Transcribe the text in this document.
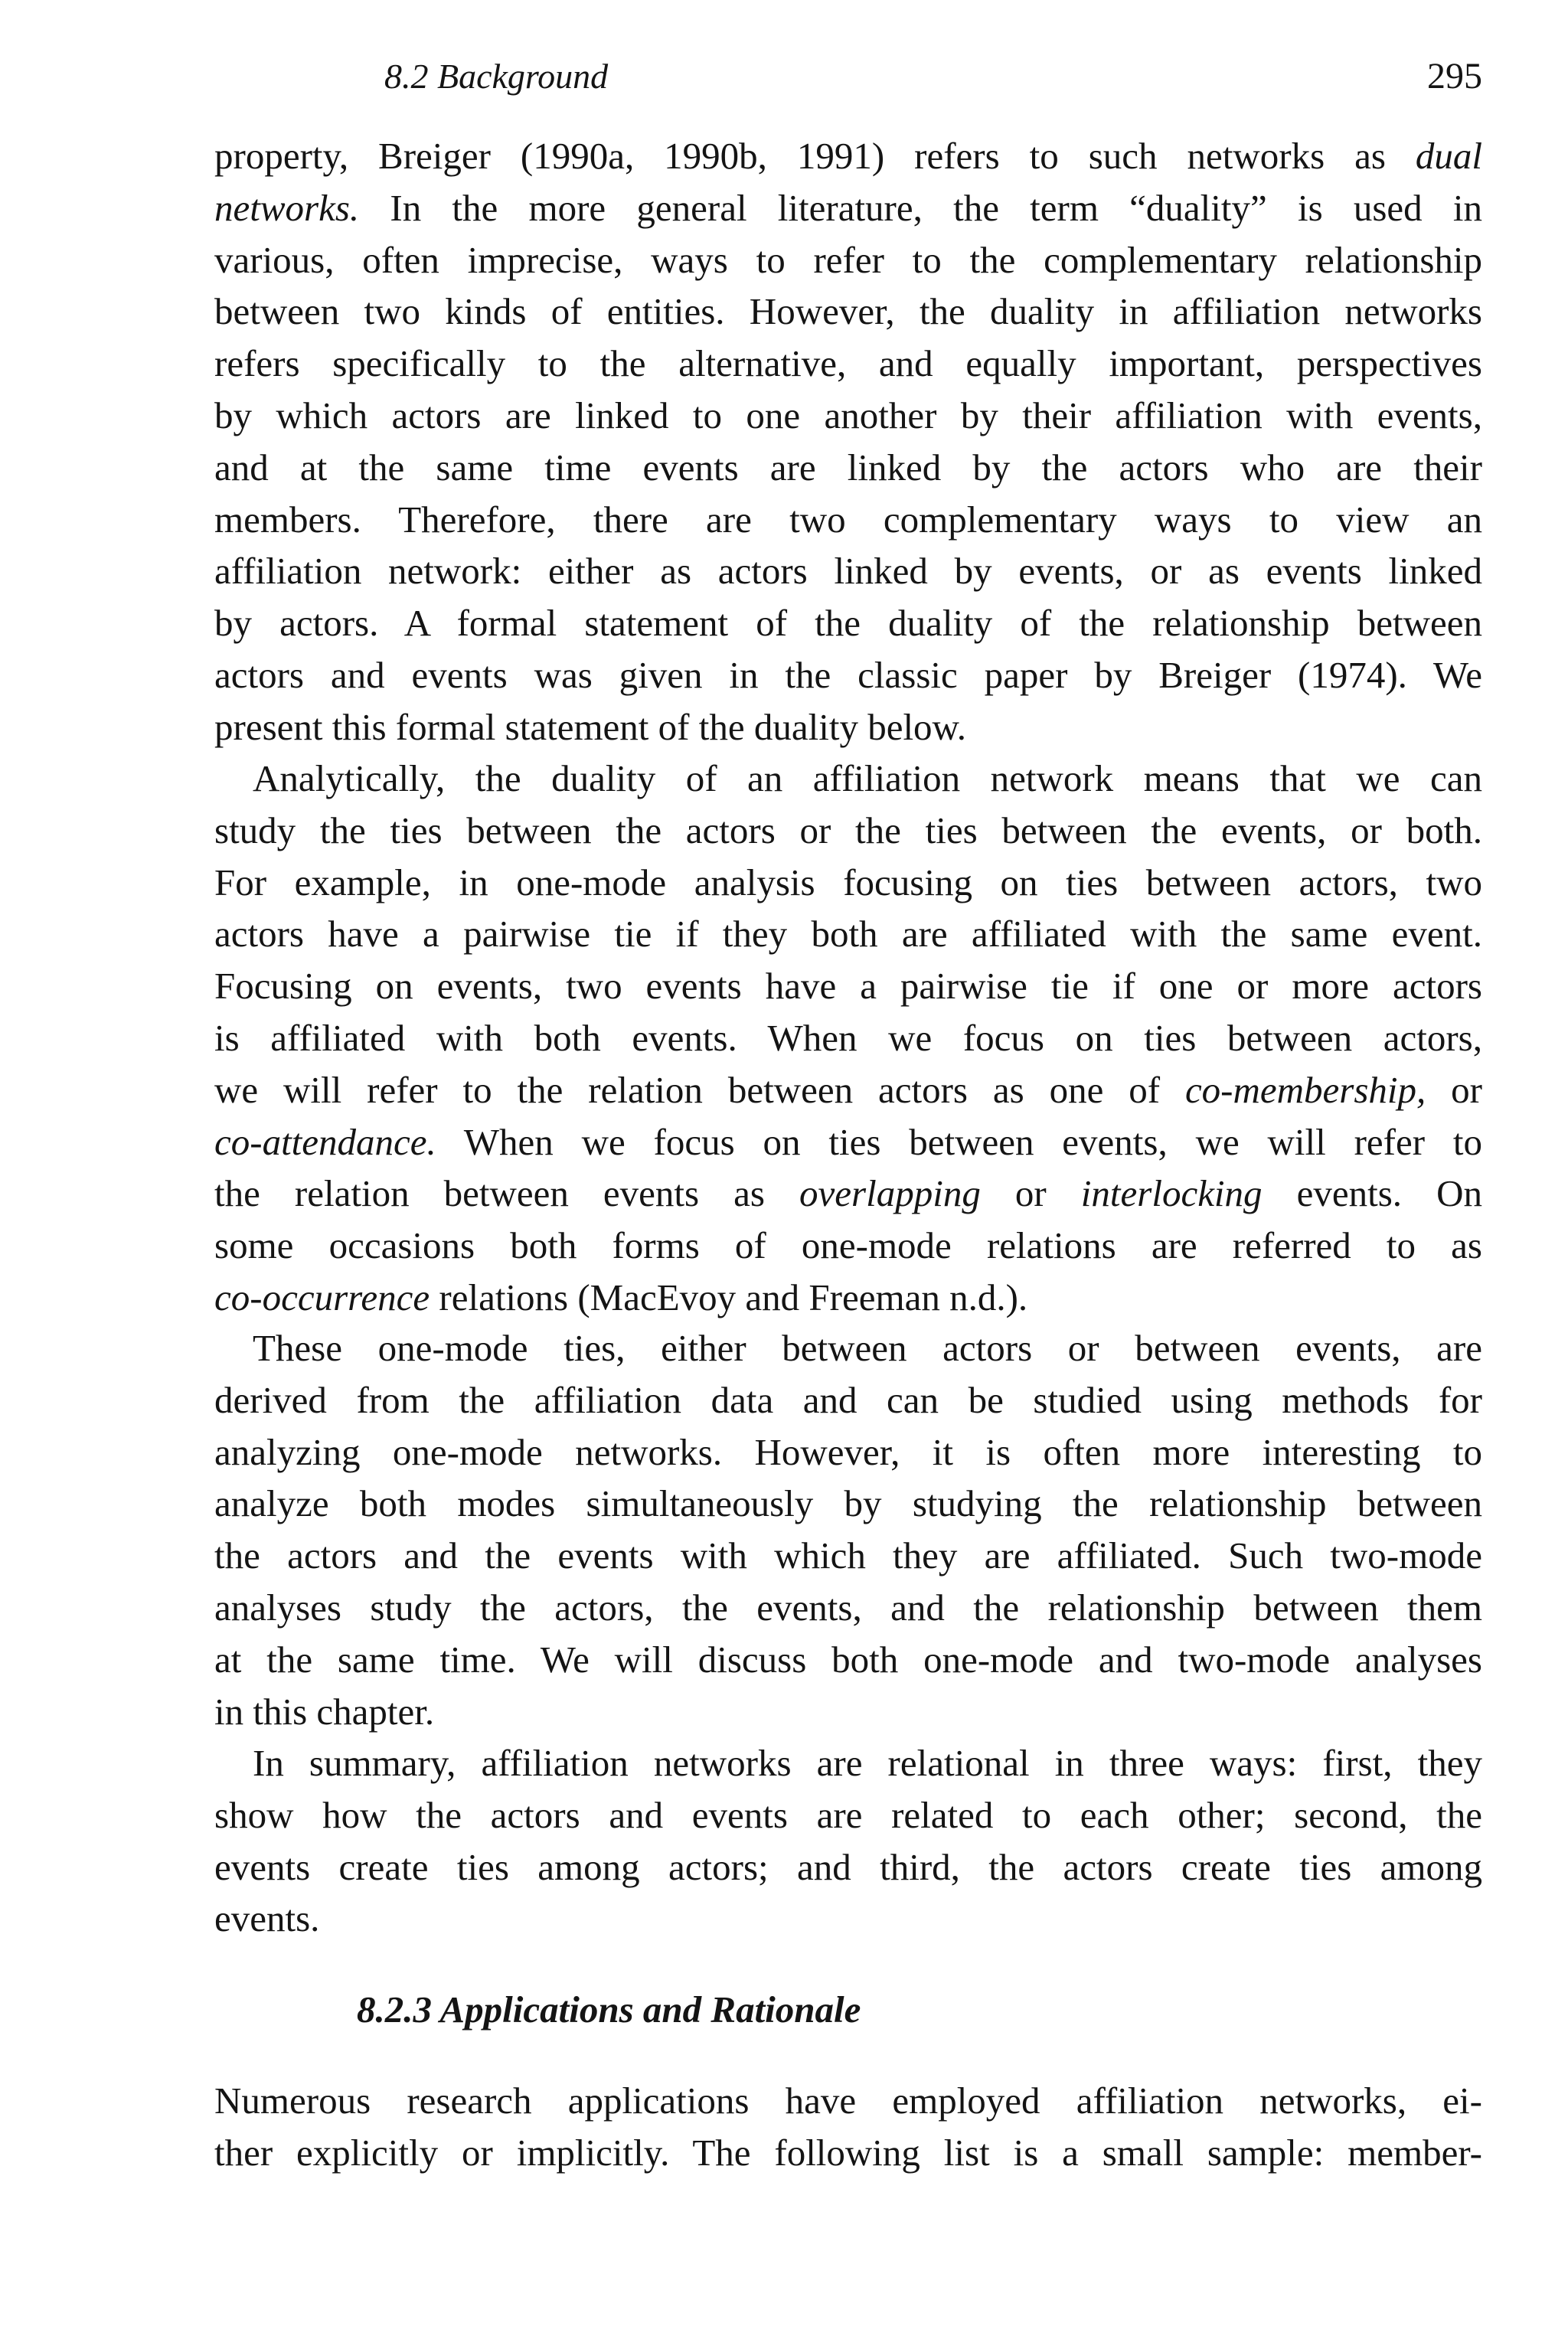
8.2 Background	295
property, Breiger (1990a, 1990b, 1991) refers to such networks as dual
networks. In the more general literature, the term “duality” is used in
various, often imprecise, ways to refer to the complementary relationship
between two kinds of entities. However, the duality in affiliation networks
refers specifically to the alternative, and equally important, perspectives
by which actors are linked to one another by their affiliation with events,
and at the same time events are linked by the actors who are their
members. Therefore, there are two complementary ways to view an
affiliation network: either as actors linked by events, or as events linked
by actors. A formal statement of the duality of the relationship between
actors and events was given in the classic paper by Breiger (1974). We
present this formal statement of the duality below.
Analytically, the duality of an affiliation network means that we can
study the ties between the actors or the ties between the events, or both.
For example, in one-mode analysis focusing on ties between actors, two
actors have a pairwise tie if they both are affiliated with the same event.
Focusing on events, two events have a pairwise tie if one or more actors
is affiliated with both events. When we focus on ties between actors,
we will refer to the relation between actors as one of co-membership, or
co-attendance. When we focus on ties between events, we will refer to
the relation between events as overlapping or interlocking events. On
some occasions both forms of one-mode relations are referred to as
co-occurrence relations (MacEvoy and Freeman n.d.).
These one-mode ties, either between actors or between events, are
derived from the affiliation data and can be studied using methods for
analyzing one-mode networks. However, it is often more interesting to
analyze both modes simultaneously by studying the relationship between
the actors and the events with which they are affiliated. Such two-mode
analyses study the actors, the events, and the relationship between them
at the same time. We will discuss both one-mode and two-mode analyses
in this chapter.
In summary, affiliation networks are relational in three ways: first, they
show how the actors and events are related to each other; second, the
events create ties among actors; and third, the actors create ties among
events.
8.2.3 Applications and Rationale
Numerous research applications have employed affiliation networks, ei-
ther explicitly or implicitly. The following list is a small sample: member-
